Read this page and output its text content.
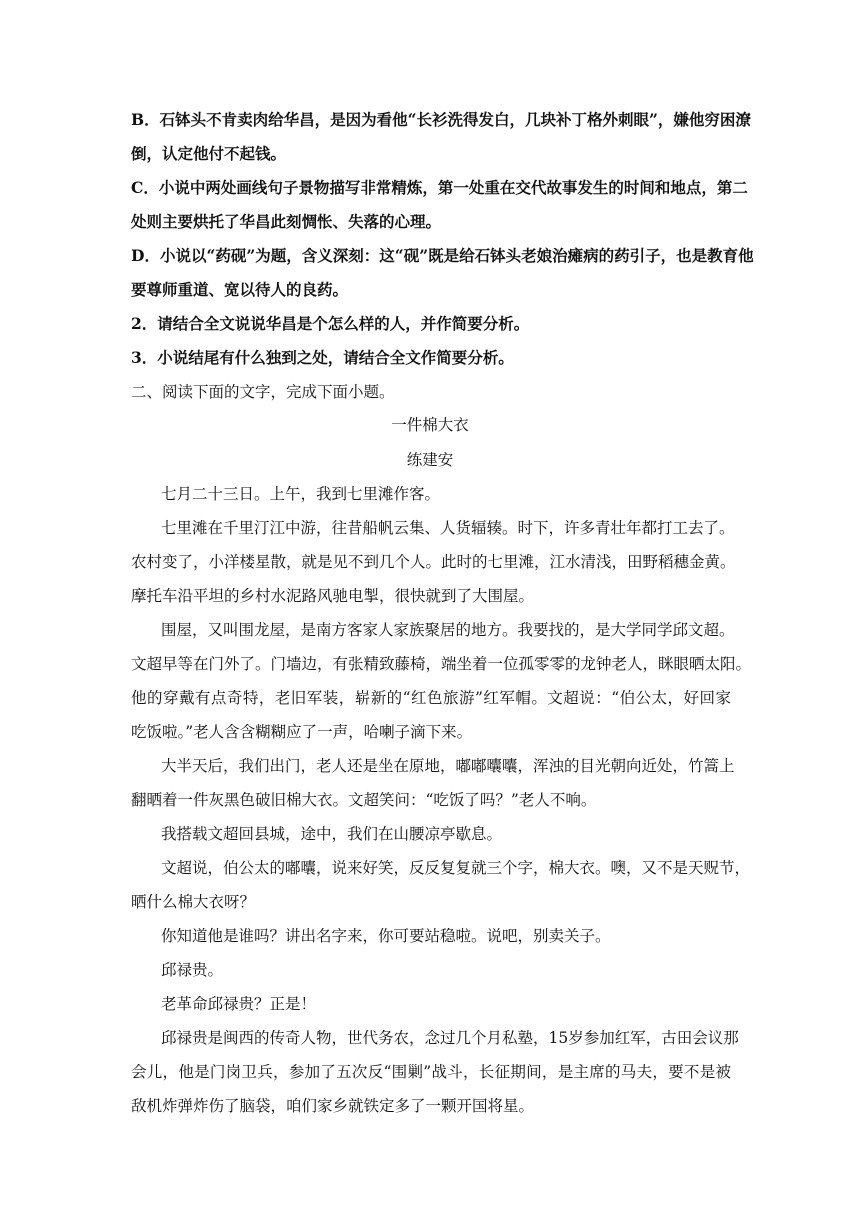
B．石钵头不肯卖肉给华昌，是因为看他“长衫洗得发白，几块补丁格外刺眼”，嫌他穷困潦
倒，认定他付不起钱。
C．小说中两处画线句子景物描写非常精炼，第一处重在交代故事发生的时间和地点，第二
处则主要烘托了华昌此刻惆怅、失落的心理。
D．小说以“药砚”为题，含义深刻：这“砚”既是给石钵头老娘治瘫病的药引子，也是教育他
要尊师重道、宽以待人的良药。
2．请结合全文说说华昌是个怎么样的人，并作简要分析。
3．小说结尾有什么独到之处，请结合全文作简要分析。
二、阅读下面的文字，完成下面小题。
一件棉大衣
练建安
七月二十三日。上午，我到七里滩作客。
七里滩在千里汀江中游，往昔船帆云集、人货辐辏。时下，许多青壮年都打工去了。
农村变了，小洋楼星散，就是见不到几个人。此时的七里滩，江水清浅，田野稻穗金黄。
摩托车沿平坦的乡村水泥路风驰电掣，很快就到了大围屋。
围屋，又叫围龙屋，是南方客家人家族聚居的地方。我要找的，是大学同学邱文超。
文超早等在门外了。门墙边，有张精致藤椅，端坐着一位孤零零的龙钟老人，眯眼晒太阳。
他的穿戴有点奇特，老旧军装，崭新的“红色旅游”红军帽。文超说：“伯公太，好回家
吃饭啦。”老人含含糊糊应了一声，哈喇子滴下来。
大半天后，我们出门，老人还是坐在原地，嘟嘟囔囔，浑浊的目光朝向近处，竹篙上
翻晒着一件灰黑色破旧棉大衣。文超笑问：“吃饭了吗？”老人不响。
我搭载文超回县城，途中，我们在山腰凉亭歇息。
文超说，伯公太的嘟囔，说来好笑，反反复复就三个字，棉大衣。噢，又不是天贶节，
晒什么棉大衣呀？
你知道他是谁吗？讲出名字来，你可要站稳啦。说吧，别卖关子。
邱禄贵。
老革命邱禄贵？正是！
邱禄贵是闽西的传奇人物，世代务农，念过几个月私塾，15岁参加红军，古田会议那
会儿，他是门岗卫兵，参加了五次反“围剿”战斗，长征期间，是主席的马夫，要不是被
敌机炸弹炸伤了脑袋，咱们家乡就铁定多了一颗开国将星。
